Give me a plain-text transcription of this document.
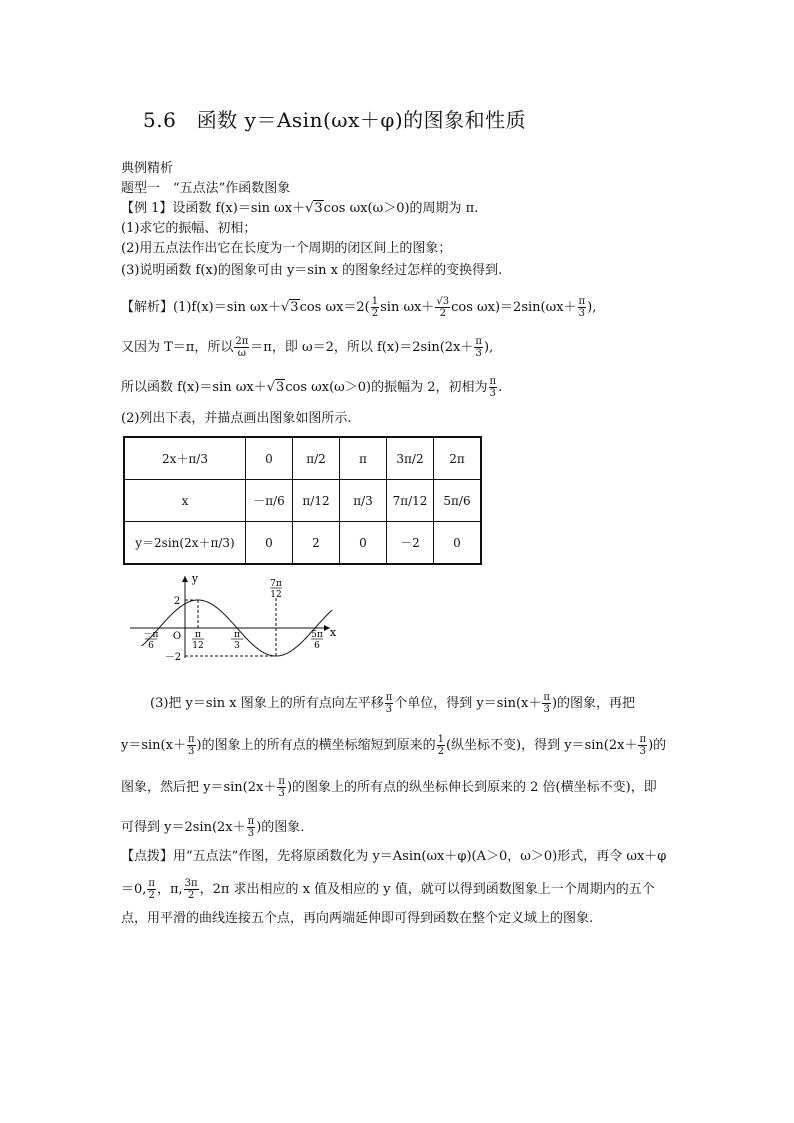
5.6　函数 y＝Asin(ωx＋φ)的图象和性质
典例精析
题型一　“五点法”作函数图象
【例 1】设函数 f(x)＝sin ωx＋√3cos ωx(ω＞0)的周期为 π.
(1)求它的振幅、初相；
(2)用五点法作出它在长度为一个周期的闭区间上的图象；
(3)说明函数 f(x)的图象可由 y＝sin x 的图象经过怎样的变换得到.
【解析】(1)f(x)＝sin ωx＋√3cos $\omega x=2( \frac{1}{2}$ $\sin \omega x+ \frac{√3}{2}$ $\cos \omega x)=2\sin(\omega x+ \frac{\pi}{3}$ ),
又因为 T＝π，所以 $\frac{2\pi}{\omega} =\pi$，即 ω＝2，所以 $f(x)=2\sin(2x+ \frac{\pi}{3}$ ),
所以函数 f(x)＝sin ωx＋√3cos ωx(ω＞0)的振幅为 2，初相为 $\frac{\pi}{3}$ .
(2)列出下表，并描点画出图象如图所示.
2x＋π/3	0	π/2	π	3π/2	2π
x	－π/6	π/12	π/3	7π/12	5π/6
y＝2sin(2x＋π/3)	0	2	0	－2	0
y
x
O
2
－2
－π
6
π
12
π
3
7π
12
5π
6
(3)把 y＝sin x 图象上的所有点向左平移 $\frac{\pi}{3}$ 个单位，得到 $y=\sin(x+ \frac{\pi}{3}$ )的图象，再把
$y=\sin(x+ \frac{\pi}{3}$ )的图象上的所有点的横坐标缩短到原来的 $\frac{1}{2}$ (纵坐标不变)，得到 $y=\sin(2x+ \frac{\pi}{3}$ )的
图象，然后把 $y=\sin(2x+ \frac{\pi}{3}$ )的图象上的所有点的纵坐标伸长到原来的 2 倍(横坐标不变)，即
可得到 $y=2\sin(2x+ \frac{\pi}{3}$ )的图象.
【点拨】用“五点法”作图，先将原函数化为 y＝Asin(ωx＋φ)(A＞0，ω＞0)形式，再令 ωx＋φ
＝0, $\frac{\pi}{2}$ ，π, $\frac{3\pi}{2}$ ，2π 求出相应的 x 值及相应的 y 值，就可以得到函数图象上一个周期内的五个
点，用平滑的曲线连接五个点，再向两端延伸即可得到函数在整个定义域上的图象.
